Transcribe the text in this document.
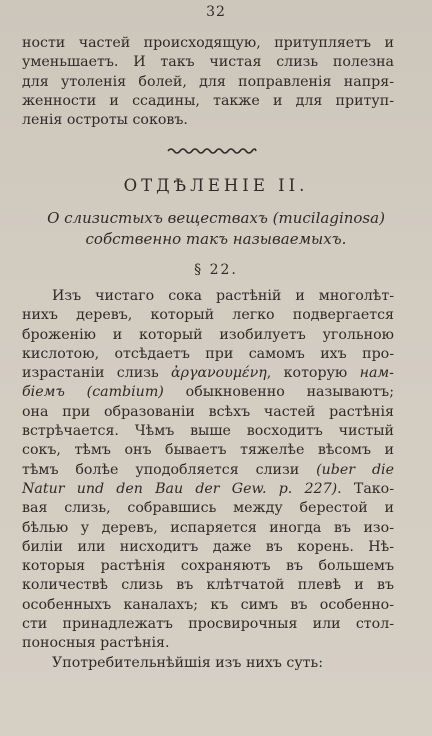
32
ности частей происходящую, притупляетъ и
уменьшаетъ. И такъ чистая слизь полезна
для утоленія болей, для поправленія напря-
женности и ссадины, также и для притуп-
ленія остроты соковъ.
ОТДѢЛЕНІЕ II.
О слизистыхъ веществахъ (mucilaginosa)
собственно такъ называемыхъ.
§ 22.
Изъ чистаго сока растѣній и многолѣт-
нихъ деревъ, который легко подвергается
броженію и который изобилуетъ угольною
кислотою, отсѣдаетъ при самомъ ихъ про-
израстаніи слизь ἀργανουμένη, которую нам-
біемъ (cambium) обыкновенно называютъ;
она при образованіи всѣхъ частей растѣнія
встрѣчается. Чѣмъ выше восходитъ чистый
сокъ, тѣмъ онъ бываетъ тяжелѣе вѣсомъ и
тѣмъ болѣе уподобляется слизи (uber die
Natur und den Bau der Gew. p. 227). Тако-
вая слизь, собравшись между берестой и
бѣлью у деревъ, испаряется иногда въ изо-
биліи или нисходитъ даже въ корень. Нѣ-
которыя растѣнія сохраняютъ въ большемъ
количествѣ слизь въ клѣтчатой плевѣ и въ
особенныхъ каналахъ; къ симъ въ особенно-
сти принадлежатъ просвирочныя или стол-
поносныя растѣнія.
Употребительнѣйшія изъ нихъ суть:
